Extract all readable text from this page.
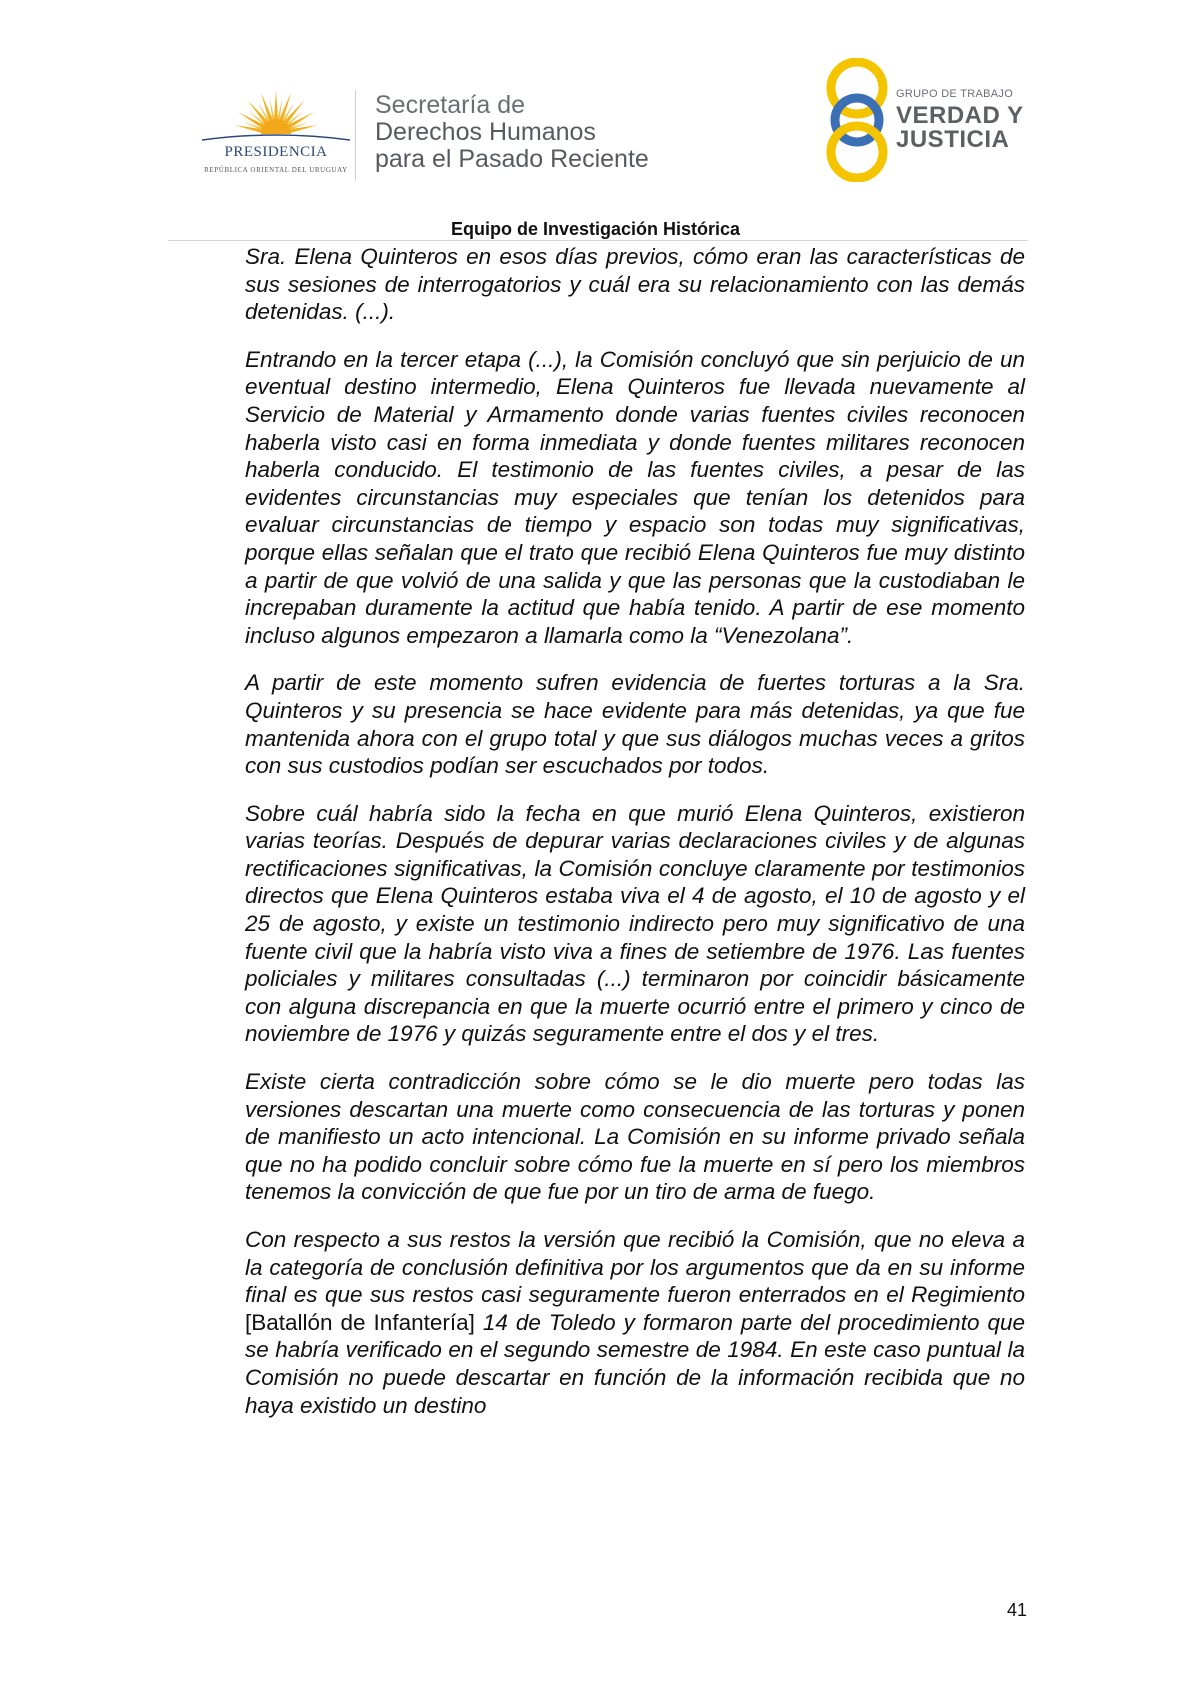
PRESIDENCIA
REPÚBLICA ORIENTAL DEL URUGUAY
Secretaría de
Derechos Humanos
para el Pasado Reciente
GRUPO DE TRABAJO
VERDAD Y
JUSTICIA
Equipo de Investigación Histórica

Sra. Elena Quinteros en esos días previos, cómo eran las características de sus sesiones de interrogatorios y cuál era su relacionamiento con las demás detenidas. (...).

Entrando en la tercer etapa (...), la Comisión concluyó que sin perjuicio de un eventual destino intermedio, Elena Quinteros fue llevada nuevamente al Servicio de Material y Armamento donde varias fuentes civiles reconocen haberla visto casi en forma inmediata y donde fuentes militares reconocen haberla conducido. El testimonio de las fuentes civiles, a pesar de las evidentes circunstancias muy especiales que tenían los detenidos para evaluar circunstancias de tiempo y espacio son todas muy significativas, porque ellas señalan que el trato que recibió Elena Quinteros fue muy distinto a partir de que volvió de una salida y que las personas que la custodiaban le increpaban duramente la actitud que había tenido. A partir de ese momento incluso algunos empezaron a llamarla como la “Venezolana”.

A partir de este momento sufren evidencia de fuertes torturas a la Sra. Quinteros y su presencia se hace evidente para más detenidas, ya que fue mantenida ahora con el grupo total y que sus diálogos muchas veces a gritos con sus custodios podían ser escuchados por todos.

Sobre cuál habría sido la fecha en que murió Elena Quinteros, existieron varias teorías. Después de depurar varias declaraciones civiles y de algunas rectificaciones significativas, la Comisión concluye claramente por testimonios directos que Elena Quinteros estaba viva el 4 de agosto, el 10 de agosto y el 25 de agosto, y existe un testimonio indirecto pero muy significativo de una fuente civil que la habría visto viva a fines de setiembre de 1976. Las fuentes policiales y militares consultadas (...) terminaron por coincidir básicamente con alguna discrepancia en que la muerte ocurrió entre el primero y cinco de noviembre de 1976 y quizás seguramente entre el dos y el tres.

Existe cierta contradicción sobre cómo se le dio muerte pero todas las versiones descartan una muerte como consecuencia de las torturas y ponen de manifiesto un acto intencional. La Comisión en su informe privado señala que no ha podido concluir sobre cómo fue la muerte en sí pero los miembros tenemos la convicción de que fue por un tiro de arma de fuego.

Con respecto a sus restos la versión que recibió la Comisión, que no eleva a la categoría de conclusión definitiva por los argumentos que da en su informe final es que sus restos casi seguramente fueron enterrados en el Regimiento [Batallón de Infantería] 14 de Toledo y formaron parte del procedimiento que se habría verificado en el segundo semestre de 1984. En este caso puntual la Comisión no puede descartar en función de la información recibida que no haya existido un destino

41
